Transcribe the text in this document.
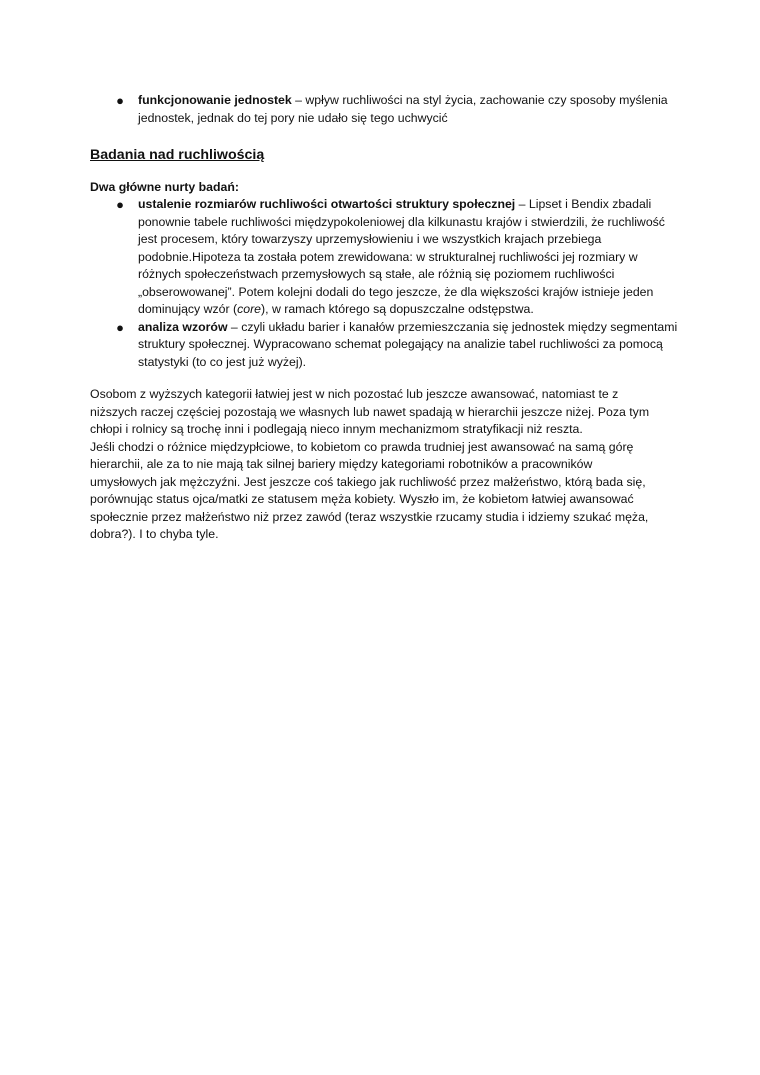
● funkcjonowanie jednostek – wpływ ruchliwości na styl życia, zachowanie czy sposoby myślenia jednostek, jednak do tej pory nie udało się tego uchwycić
Badania nad ruchliwością
Dwa główne nurty badań:
● ustalenie rozmiarów ruchliwości otwartości struktury społecznej – Lipset i Bendix zbadali ponownie tabele ruchliwości międzypokoleniowej dla kilkunastu krajów i stwierdzili, że ruchliwość jest procesem, który towarzyszy uprzemysłowieniu i we wszystkich krajach przebiega podobnie.Hipoteza ta została potem zrewidowana: w strukturalnej ruchliwości jej rozmiary w różnych społeczeństwach przemysłowych są stałe, ale różnią się poziomem ruchliwości „obserowowanej”. Potem kolejni dodali do tego jeszcze, że dla większości krajów istnieje jeden dominujący wzór (core), w ramach którego są dopuszczalne odstępstwa.
● analiza wzorów – czyli układu barier i kanałów przemieszczania się jednostek między segmentami struktury społecznej. Wypracowano schemat polegający na analizie tabel ruchliwości za pomocą statystyki (to co jest już wyżej).
Osobom z wyższych kategorii łatwiej jest w nich pozostać lub jeszcze awansować, natomiast te z
niższych raczej częściej pozostają we własnych lub nawet spadają w hierarchii jeszcze niżej. Poza tym
chłopi i rolnicy są trochę inni i podlegają nieco innym mechanizmom stratyfikacji niż reszta.
Jeśli chodzi o różnice międzypłciowe, to kobietom co prawda trudniej jest awansować na samą górę
hierarchii, ale za to nie mają tak silnej bariery między kategoriami robotników a pracowników
umysłowych jak mężczyźni. Jest jeszcze coś takiego jak ruchliwość przez małżeństwo, którą bada się,
porównując status ojca/matki ze statusem męża kobiety. Wyszło im, że kobietom łatwiej awansować
społecznie przez małżeństwo niż przez zawód (teraz wszystkie rzucamy studia i idziemy szukać męża,
dobra?). I to chyba tyle.
